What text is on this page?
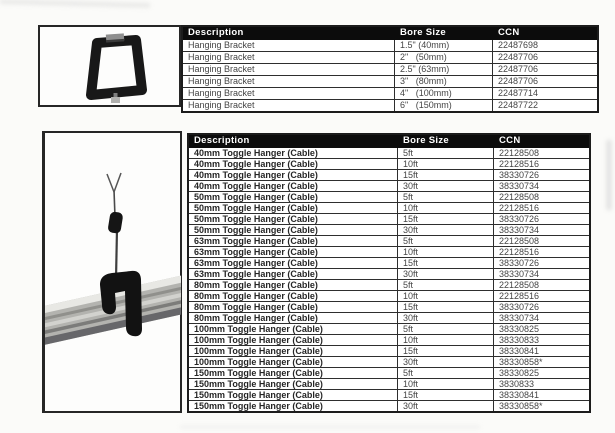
Description	Bore Size	CCN
Hanging Bracket	1.5" (40mm)	22487698
Hanging Bracket	2"   (50mm)	22487706
Hanging Bracket	2.5" (63mm)	22487706
Hanging Bracket	3"   (80mm)	22487706
Hanging Bracket	4"   (100mm)	22487714
Hanging Bracket	6"   (150mm)	22487722
Description	Bore Size	CCN
40mm Toggle Hanger (Cable)	5ft	22128508
40mm Toggle Hanger (Cable)	10ft	22128516
40mm Toggle Hanger (Cable)	15ft	38330726
40mm Toggle Hanger (Cable)	30ft	38330734
50mm Toggle Hanger (Cable)	5ft	22128508
50mm Toggle Hanger (Cable)	10ft	22128516
50mm Toggle Hanger (Cable)	15ft	38330726
50mm Toggle Hanger (Cable)	30ft	38330734
63mm Toggle Hanger (Cable)	5ft	22128508
63mm Toggle Hanger (Cable)	10ft	22128516
63mm Toggle Hanger (Cable)	15ft	38330726
63mm Toggle Hanger (Cable)	30ft	38330734
80mm Toggle Hanger (Cable)	5ft	22128508
80mm Toggle Hanger (Cable)	10ft	22128516
80mm Toggle Hanger (Cable)	15ft	38330726
80mm Toggle Hanger (Cable)	30ft	38330734
100mm Toggle Hanger (Cable)	5ft	38330825
100mm Toggle Hanger (Cable)	10ft	38330833
100mm Toggle Hanger (Cable)	15ft	38330841
100mm Toggle Hanger (Cable)	30ft	38330858*
150mm Toggle Hanger (Cable)	5ft	38330825
150mm Toggle Hanger (Cable)	10ft	3830833
150mm Toggle Hanger (Cable)	15ft	38330841
150mm Toggle Hanger (Cable)	30ft	38330858*
